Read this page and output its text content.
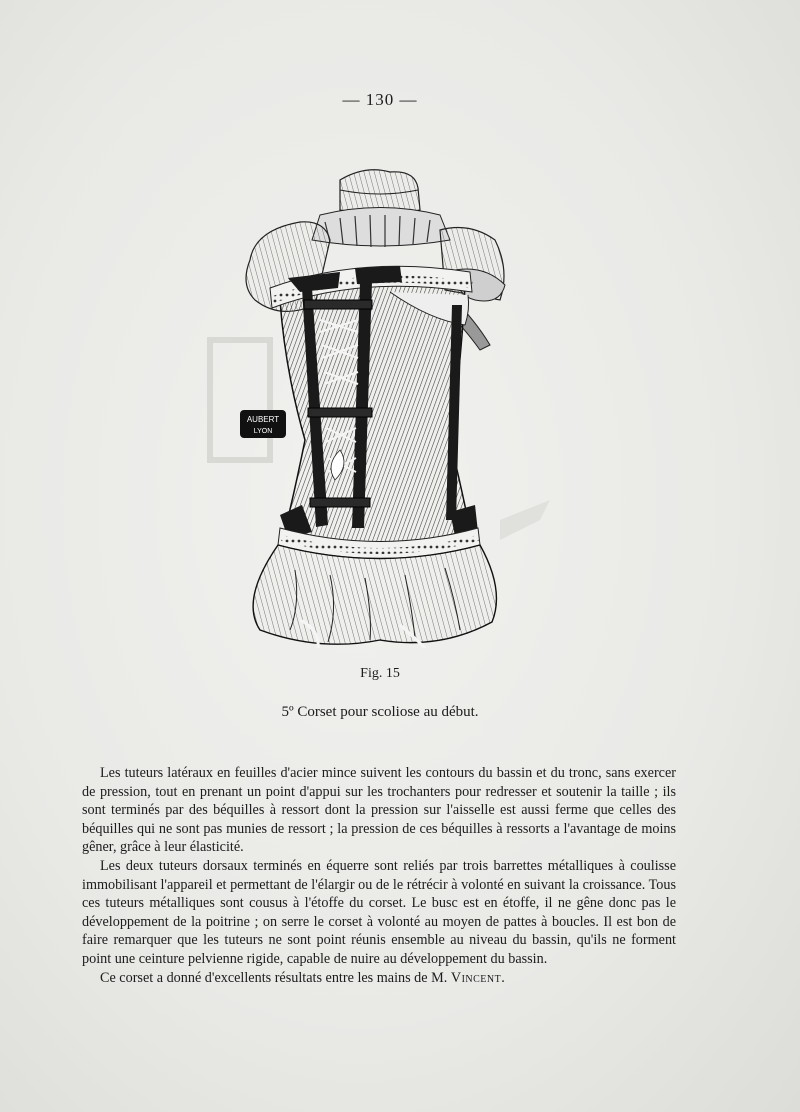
— 130 —
AUBERT
LYON

Fig. 15
5º Corset pour scoliose au début.

Les tuteurs latéraux en feuilles d'acier mince suivent les contours du bassin et du tronc, sans exercer de pression, tout en prenant un point d'appui sur les trochanters pour redresser et soutenir la taille ; ils sont terminés par des béquilles à ressort dont la pression sur l'aisselle est aussi ferme que celles des béquilles qui ne sont pas munies de ressort ; la pression de ces béquilles à ressorts a l'avantage de moins gêner, grâce à leur élasticité.

Les deux tuteurs dorsaux terminés en équerre sont reliés par trois barrettes métalliques à coulisse immobilisant l'appareil et permettant de l'élargir ou de le rétrécir à volonté en suivant la croissance. Tous ces tuteurs métalliques sont cousus à l'étoffe du corset. Le busc est en étoffe, il ne gêne donc pas le développement de la poitrine ; on serre le corset à volonté au moyen de pattes à boucles. Il est bon de faire remarquer que les tuteurs ne sont point réunis ensemble au niveau du bassin, qu'ils ne forment point une ceinture pelvienne rigide, capable de nuire au développement du bassin.

Ce corset a donné d'excellents résultats entre les mains de M. Vincent.
